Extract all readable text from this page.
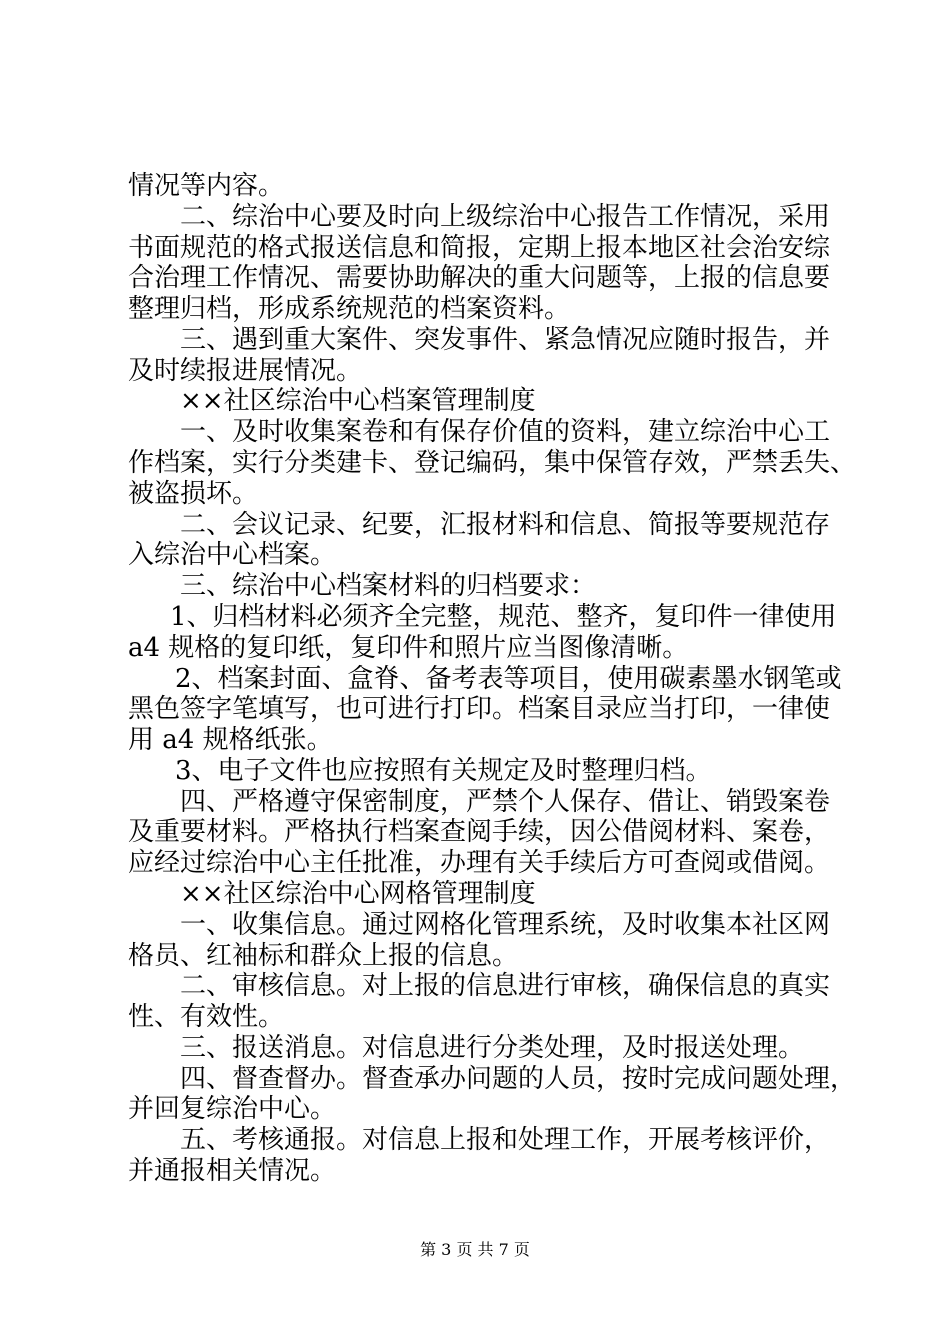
情况等内容。
二、综治中心要及时向上级综治中心报告工作情况，采用
书面规范的格式报送信息和简报，定期上报本地区社会治安综
合治理工作情况、需要协助解决的重大问题等，上报的信息要
整理归档，形成系统规范的档案资料。
三、遇到重大案件、突发事件、紧急情况应随时报告，并
及时续报进展情况。
××社区综治中心档案管理制度
一、及时收集案卷和有保存价值的资料，建立综治中心工
作档案，实行分类建卡、登记编码，集中保管存效，严禁丢失、
被盗损坏。
二、会议记录、纪要，汇报材料和信息、简报等要规范存
入综治中心档案。
三、综治中心档案材料的归档要求：
1、归档材料必须齐全完整，规范、整齐，复印件一律使用
a4 规格的复印纸，复印件和照片应当图像清晰。
2、档案封面、盒脊、备考表等项目，使用碳素墨水钢笔或
黑色签字笔填写，也可进行打印。档案目录应当打印，一律使
用 a4 规格纸张。
3、电子文件也应按照有关规定及时整理归档。
四、严格遵守保密制度，严禁个人保存、借让、销毁案卷
及重要材料。严格执行档案查阅手续，因公借阅材料、案卷，
应经过综治中心主任批准，办理有关手续后方可查阅或借阅。
××社区综治中心网格管理制度
一、收集信息。通过网格化管理系统，及时收集本社区网
格员、红袖标和群众上报的信息。
二、审核信息。对上报的信息进行审核，确保信息的真实
性、有效性。
三、报送消息。对信息进行分类处理，及时报送处理。
四、督查督办。督查承办问题的人员，按时完成问题处理，
并回复综治中心。
五、考核通报。对信息上报和处理工作，开展考核评价，
并通报相关情况。
第 3 页 共 7 页
